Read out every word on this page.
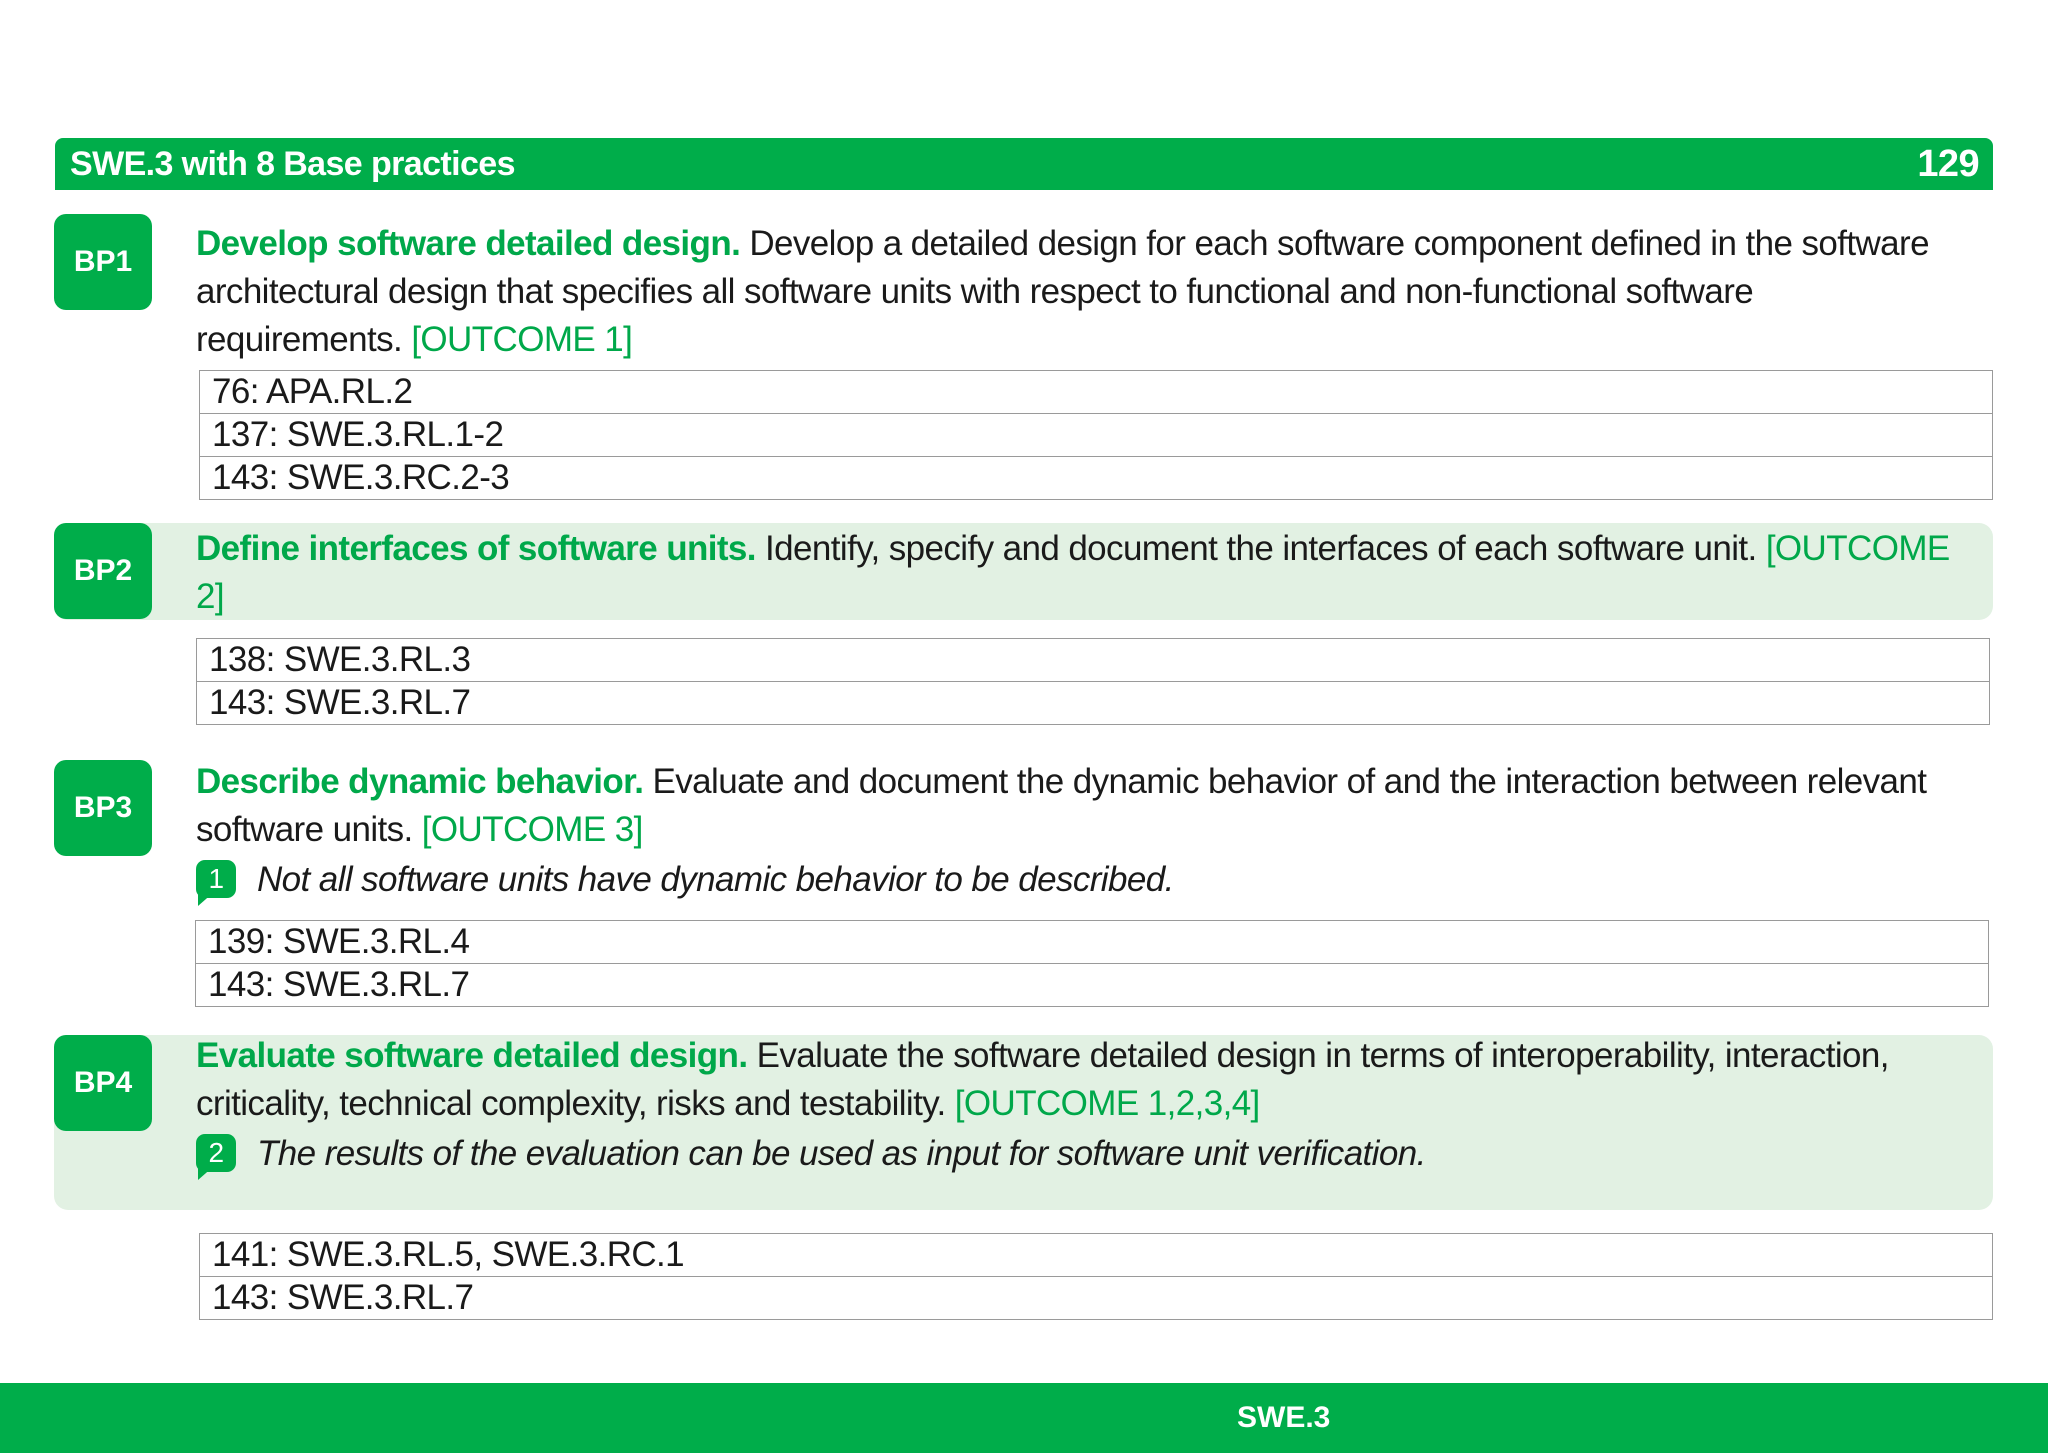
SWE.3 with 8 Base practices	129
BP1	Develop software detailed design. Develop a detailed design for each software component defined in the software architectural design that specifies all software units with respect to functional and non-functional software requirements. [OUTCOME 1]
76: APA.RL.2
137: SWE.3.RL.1-2
143: SWE.3.RC.2-3
BP2
Define interfaces of software units. Identify, specify and document the interfaces of each software unit. [OUTCOME 2]
138: SWE.3.RL.3
143: SWE.3.RL.7
BP3
Describe dynamic behavior. Evaluate and document the dynamic behavior of and the interaction between relevant software units. [OUTCOME 3]
1 Not all software units have dynamic behavior to be described.
139: SWE.3.RL.4
143: SWE.3.RL.7
BP4
Evaluate software detailed design. Evaluate the software detailed design in terms of interoperability, interaction, criticality, technical complexity, risks and testability. [OUTCOME 1,2,3,4]
2 The results of the evaluation can be used as input for software unit verification.
141: SWE.3.RL.5, SWE.3.RC.1
143: SWE.3.RL.7
SWE.3
